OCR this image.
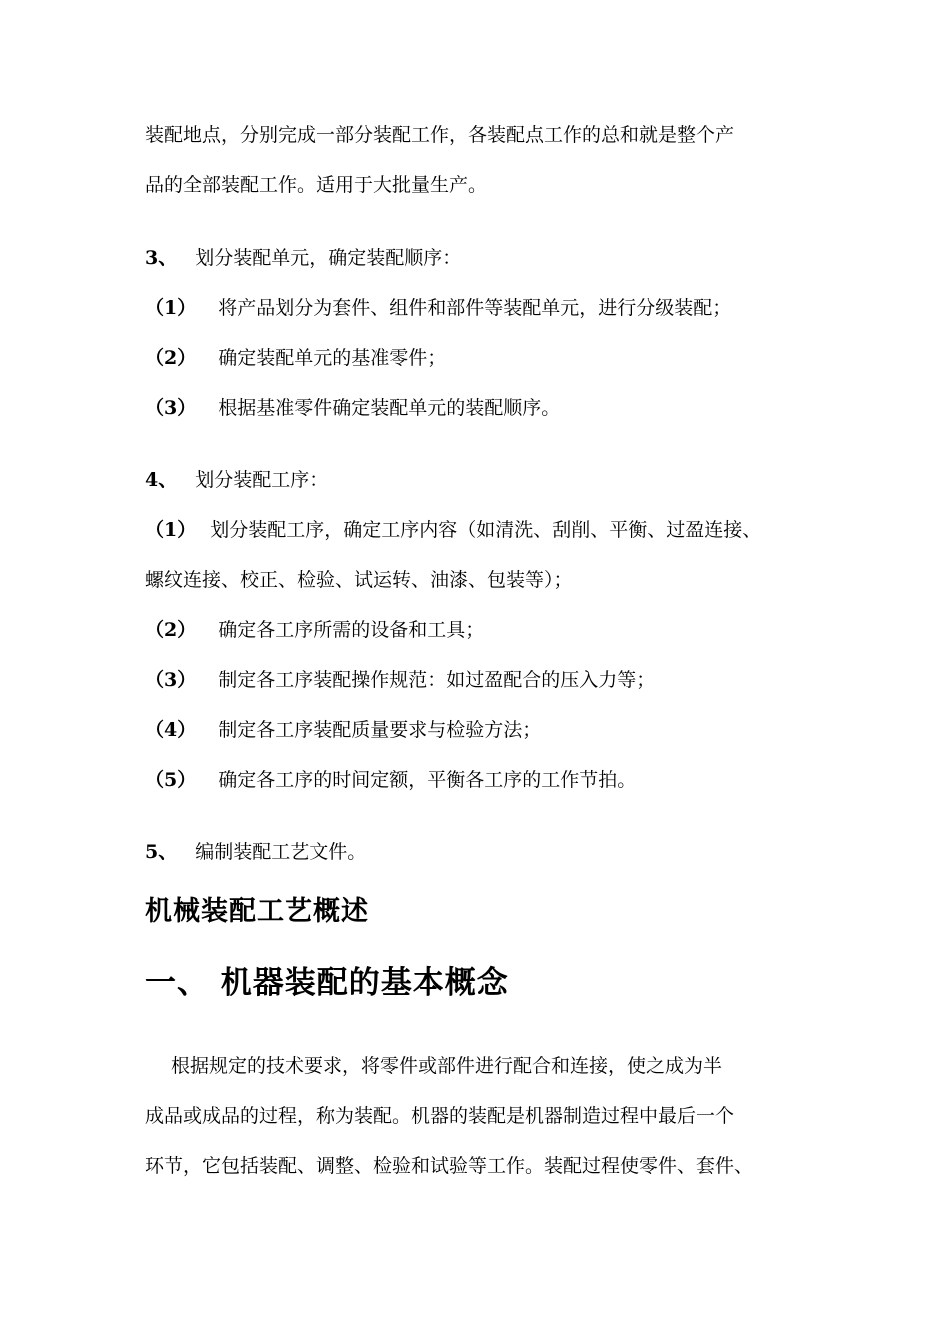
装配地点，分别完成一部分装配工作，各装配点工作的总和就是整个产
品的全部装配工作。适用于大批量生产。
3、 划分装配单元，确定装配顺序：
（1） 将产品划分为套件、组件和部件等装配单元，进行分级装配；
（2） 确定装配单元的基准零件；
（3） 根据基准零件确定装配单元的装配顺序。
4、 划分装配工序：
（1） 划分装配工序，确定工序内容（如清洗、刮削、平衡、过盈连接、
螺纹连接、校正、检验、试运转、油漆、包装等）；
（2） 确定各工序所需的设备和工具；
（3） 制定各工序装配操作规范：如过盈配合的压入力等；
（4） 制定各工序装配质量要求与检验方法；
（5） 确定各工序的时间定额，平衡各工序的工作节拍。
5、 编制装配工艺文件。
机械装配工艺概述
一、 机器装配的基本概念
根据规定的技术要求，将零件或部件进行配合和连接，使之成为半
成品或成品的过程，称为装配。机器的装配是机器制造过程中最后一个
环节，它包括装配、调整、检验和试验等工作。装配过程使零件、套件、
